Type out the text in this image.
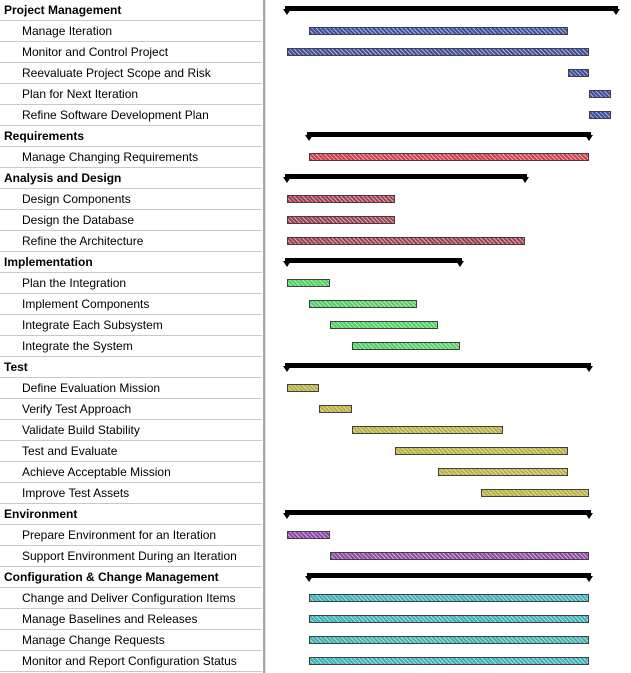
Project Management
Manage Iteration
Monitor and Control Project
Reevaluate Project Scope and Risk
Plan for Next Iteration
Refine Software Development Plan
Requirements
Manage Changing Requirements
Analysis and Design
Design Components
Design the Database
Refine the Architecture
Implementation
Plan the Integration
Implement Components
Integrate Each Subsystem
Integrate the System
Test
Define Evaluation Mission
Verify Test Approach
Validate Build Stability
Test and Evaluate
Achieve Acceptable Mission
Improve Test Assets
Environment
Prepare Environment for an Iteration
Support Environment During an Iteration
Configuration & Change Management
Change and Deliver Configuration Items
Manage Baselines and Releases
Manage Change Requests
Monitor and Report Configuration Status
